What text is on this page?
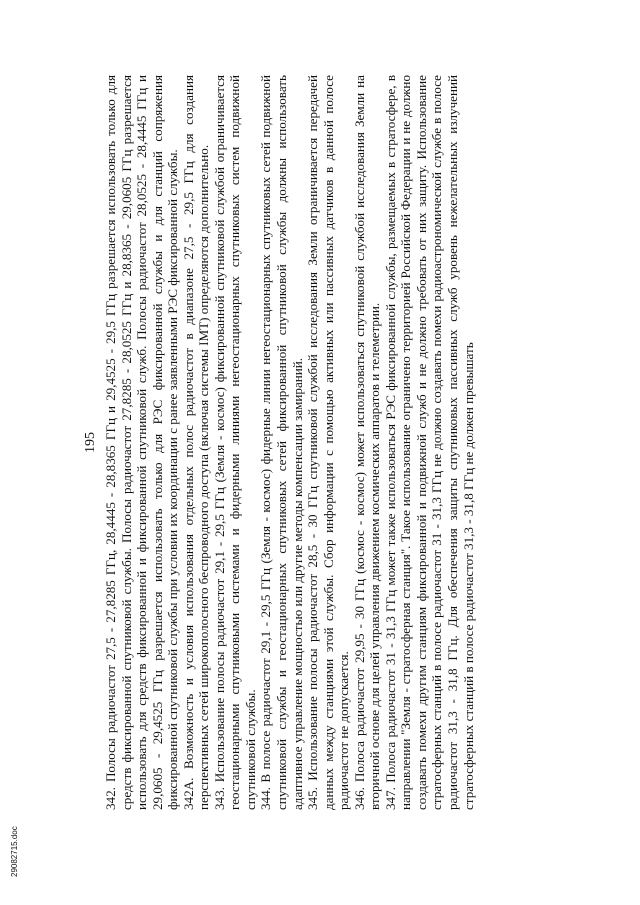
195 342. Полосы радиочастот 27,5 - 27,8285 ГГц, 28,4445 - 28,8365 ГГц и 29,4525 - 29,5 ГГц разрешается использовать только для средств фиксированной спутниковой службы. Полосы радиочастот 27,8285 - 28,0525 ГГц и 28,8365 - 29,0605 ГГц разрешается использовать для средств фиксированной и фиксированной спутниковой служб. Полосы радиочастот 28,0525 - 28,4445 ГГц и 29,0605 - 29,4525 ГГц разрешается использовать только для РЭС фиксированной службы и для станций сопряжения фиксированной спутниковой службы при условии их координации с ранее заявленными РЭС фиксированной службы. 342А. Возможность и условия использования отдельных полос радиочастот в диапазоне 27,5 - 29,5 ГГц для создания перспективных сетей широкополосного беспроводного доступа (включая системы IMT) определяются дополнительно. 343. Использование полосы радиочастот 29,1 - 29,5 ГГц (Земля - космос) фиксированной спутниковой службой ограничивается геостационарными спутниковыми системами и фидерными линиями негеостационарных спутниковых систем подвижной спутниковой службы. 344. В полосе радиочастот 29,1 - 29,5 ГГц (Земля - космос) фидерные линии негеостационарных спутниковых сетей подвижной спутниковой службы и геостационарных спутниковых сетей фиксированной спутниковой службы должны использовать адаптивное управление мощностью или другие методы компенсации замираний. 345. Использование полосы радиочастот 28,5 - 30 ГГц спутниковой службой исследования Земли ограничивается передачей данных между станциями этой службы. Сбор информации с помощью активных или пассивных датчиков в данной полосе радиочастот не допускается. 346. Полоса радиочастот 29,95 - 30 ГГц (космос - космос) может использоваться спутниковой службой исследования Земли на вторичной основе для целей управления движением космических аппаратов и телеметрии. 347. Полоса радиочастот 31 - 31,3 ГГц может также использоваться РЭС фиксированной службы, размещаемых в стратосфере, в направлении "Земля - стратосферная станция". Такое использование ограничено территорией Российской Федерации и не должно создавать помехи другим станциям фиксированной и подвижной служб и не должно требовать от них защиту. Использование стратосферных станций в полосе радиочастот 31 - 31,3 ГГц не должно создавать помехи радиоастрономической службе в полосе радиочастот 31,3 - 31,8 ГГц. Для обеспечения защиты спутниковых пассивных служб уровень нежелательных излучений стратосферных станций в полосе радиочастот 31,3 - 31,8 ГГц не должен превышать

29082715.doc
